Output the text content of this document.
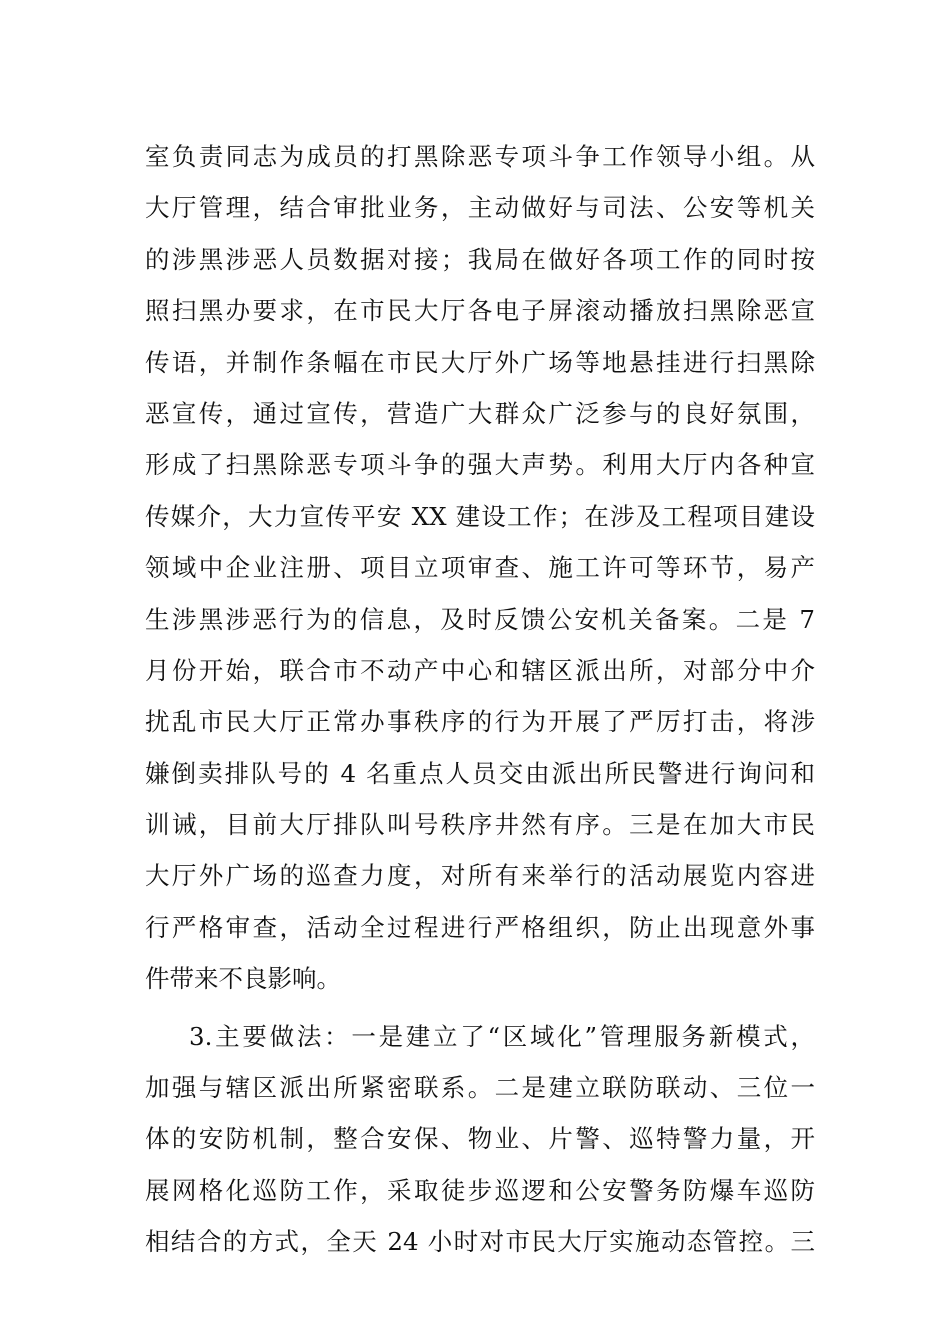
室负责同志为成员的打黑除恶专项斗争工作领导小组。从
大厅管理，结合审批业务，主动做好与司法、公安等机关
的涉黑涉恶人员数据对接；我局在做好各项工作的同时按
照扫黑办要求，在市民大厅各电子屏滚动播放扫黑除恶宣
传语，并制作条幅在市民大厅外广场等地悬挂进行扫黑除
恶宣传，通过宣传，营造广大群众广泛参与的良好氛围，
形成了扫黑除恶专项斗争的强大声势。利用大厅内各种宣
传媒介，大力宣传平安 XX 建设工作；在涉及工程项目建设
领域中企业注册、项目立项审查、施工许可等环节，易产
生涉黑涉恶行为的信息，及时反馈公安机关备案。二是 7
月份开始，联合市不动产中心和辖区派出所，对部分中介
扰乱市民大厅正常办事秩序的行为开展了严厉打击，将涉
嫌倒卖排队号的 4 名重点人员交由派出所民警进行询问和
训诫，目前大厅排队叫号秩序井然有序。三是在加大市民
大厅外广场的巡查力度，对所有来举行的活动展览内容进
行严格审查，活动全过程进行严格组织，防止出现意外事
件带来不良影响。
3.主要做法：一是建立了“区域化”管理服务新模式，
加强与辖区派出所紧密联系。二是建立联防联动、三位一
体的安防机制，整合安保、物业、片警、巡特警力量，开
展网格化巡防工作，采取徒步巡逻和公安警务防爆车巡防
相结合的方式，全天 24 小时对市民大厅实施动态管控。三
